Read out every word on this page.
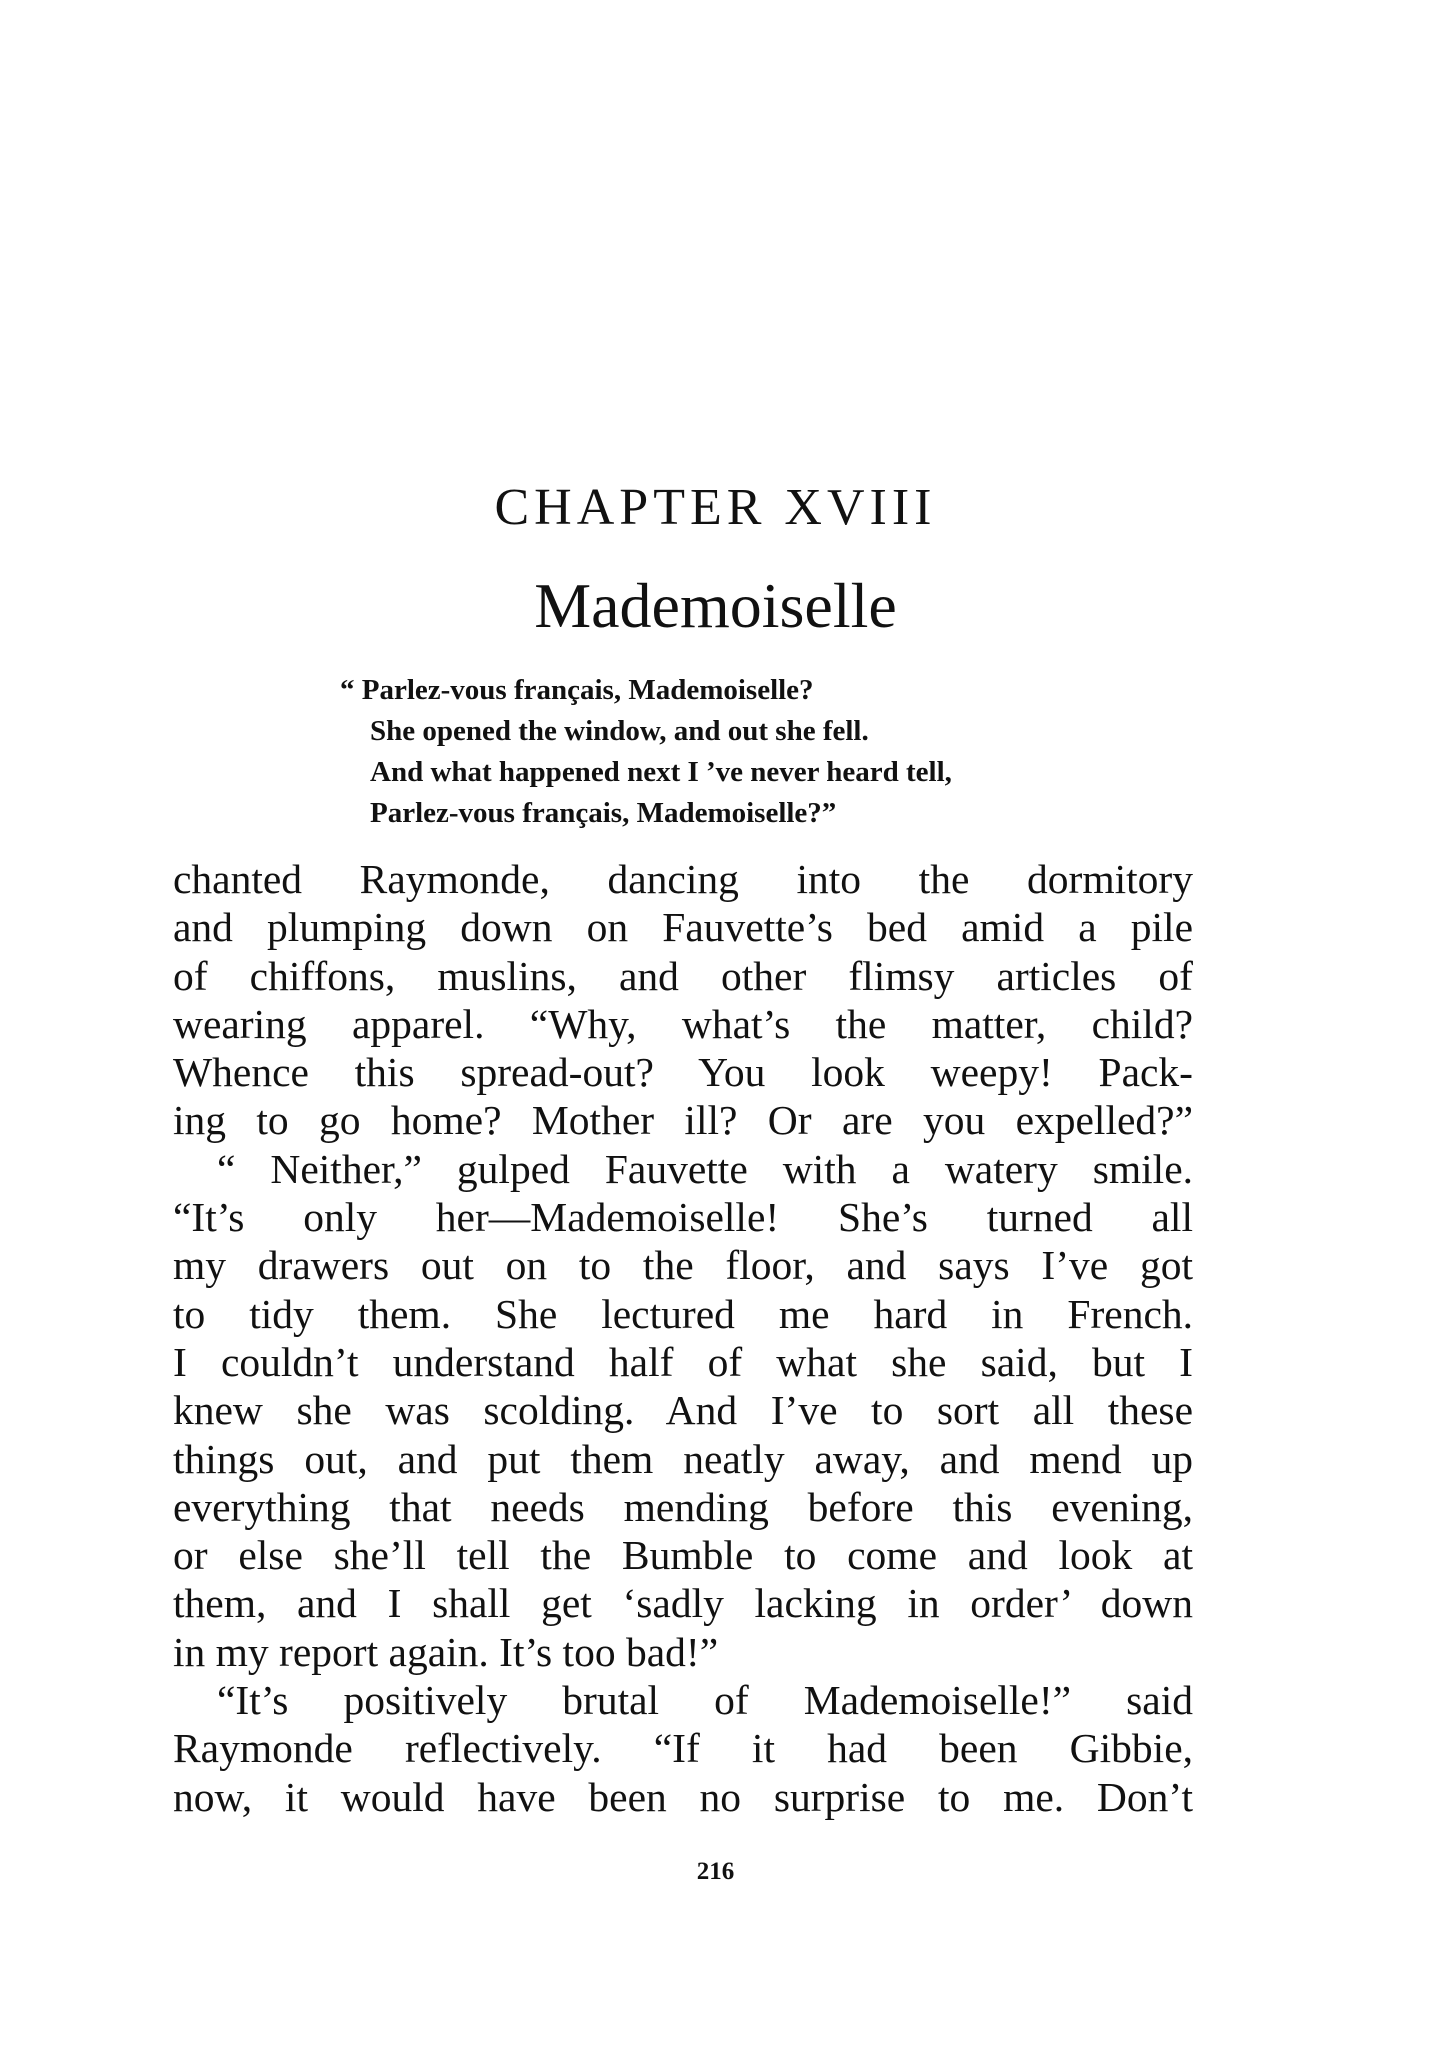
CHAPTER XVIII
Mademoiselle
“ Parlez-vous français, Mademoiselle?
She opened the window, and out she fell.
And what happened next I ’ve never heard tell,
Parlez-vous français, Mademoiselle?”
chanted Raymonde, dancing into the dormitory
and plumping down on Fauvette’s bed amid a pile
of chiffons, muslins, and other flimsy articles of
wearing apparel. “Why, what’s the matter, child?
Whence this spread-out? You look weepy! Pack-
ing to go home? Mother ill? Or are you expelled?”
“ Neither,” gulped Fauvette with a watery smile.
“It’s only her—Mademoiselle! She’s turned all
my drawers out on to the floor, and says I’ve got
to tidy them. She lectured me hard in French.
I couldn’t understand half of what she said, but I
knew she was scolding. And I’ve to sort all these
things out, and put them neatly away, and mend up
everything that needs mending before this evening,
or else she’ll tell the Bumble to come and look at
them, and I shall get ‘sadly lacking in order’ down
in my report again. It’s too bad!”
“It’s positively brutal of Mademoiselle!” said
Raymonde reflectively. “If it had been Gibbie,
now, it would have been no surprise to me. Don’t
216
